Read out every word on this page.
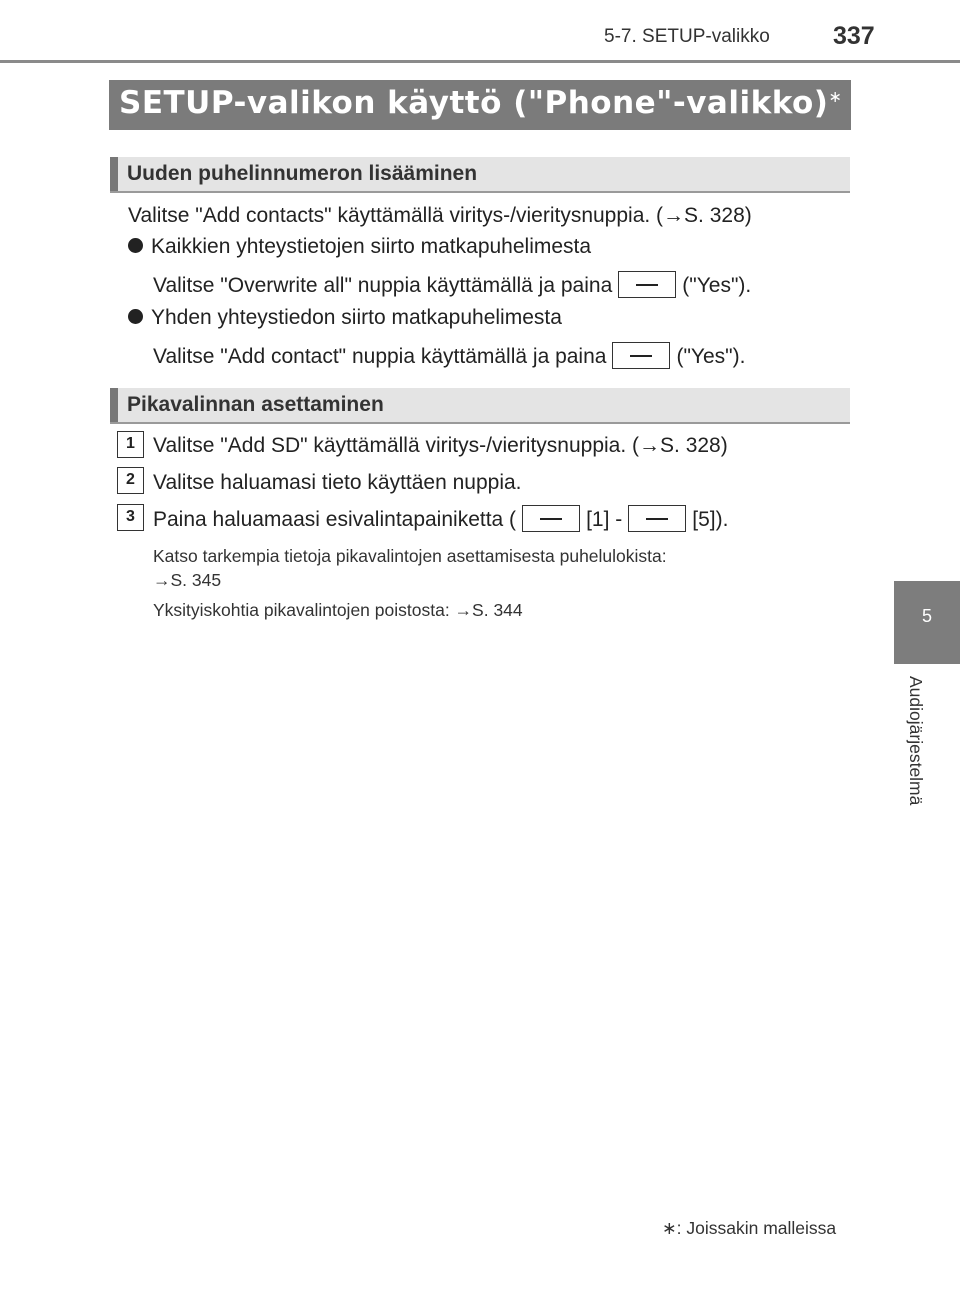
5-7. SETUP-valikko	337
SETUP-valikon käyttö ("Phone"-valikko)∗
Uuden puhelinnumeron lisääminen
Valitse "Add contacts" käyttämällä viritys-/vieritysnuppia. (→S. 328)
Kaikkien yhteystietojen siirto matkapuhelimesta
Valitse "Overwrite all" nuppia käyttämällä ja paina	("Yes").
Yhden yhteystiedon siirto matkapuhelimesta
Valitse "Add contact" nuppia käyttämällä ja paina	("Yes").
Pikavalinnan asettaminen
1 Valitse "Add SD" käyttämällä viritys-/vieritysnuppia. (→S. 328)
2 Valitse haluamasi tieto käyttäen nuppia.
3 Paina haluamaasi esivalintapainiketta (	[1] -	[5]).
Katso tarkempia tietoja pikavalintojen asettamisesta puhelulokista:
→S. 345
Yksityiskohtia pikavalintojen poistosta: →S. 344	5
Audiojärjestelmä
∗: Joissakin malleissa
